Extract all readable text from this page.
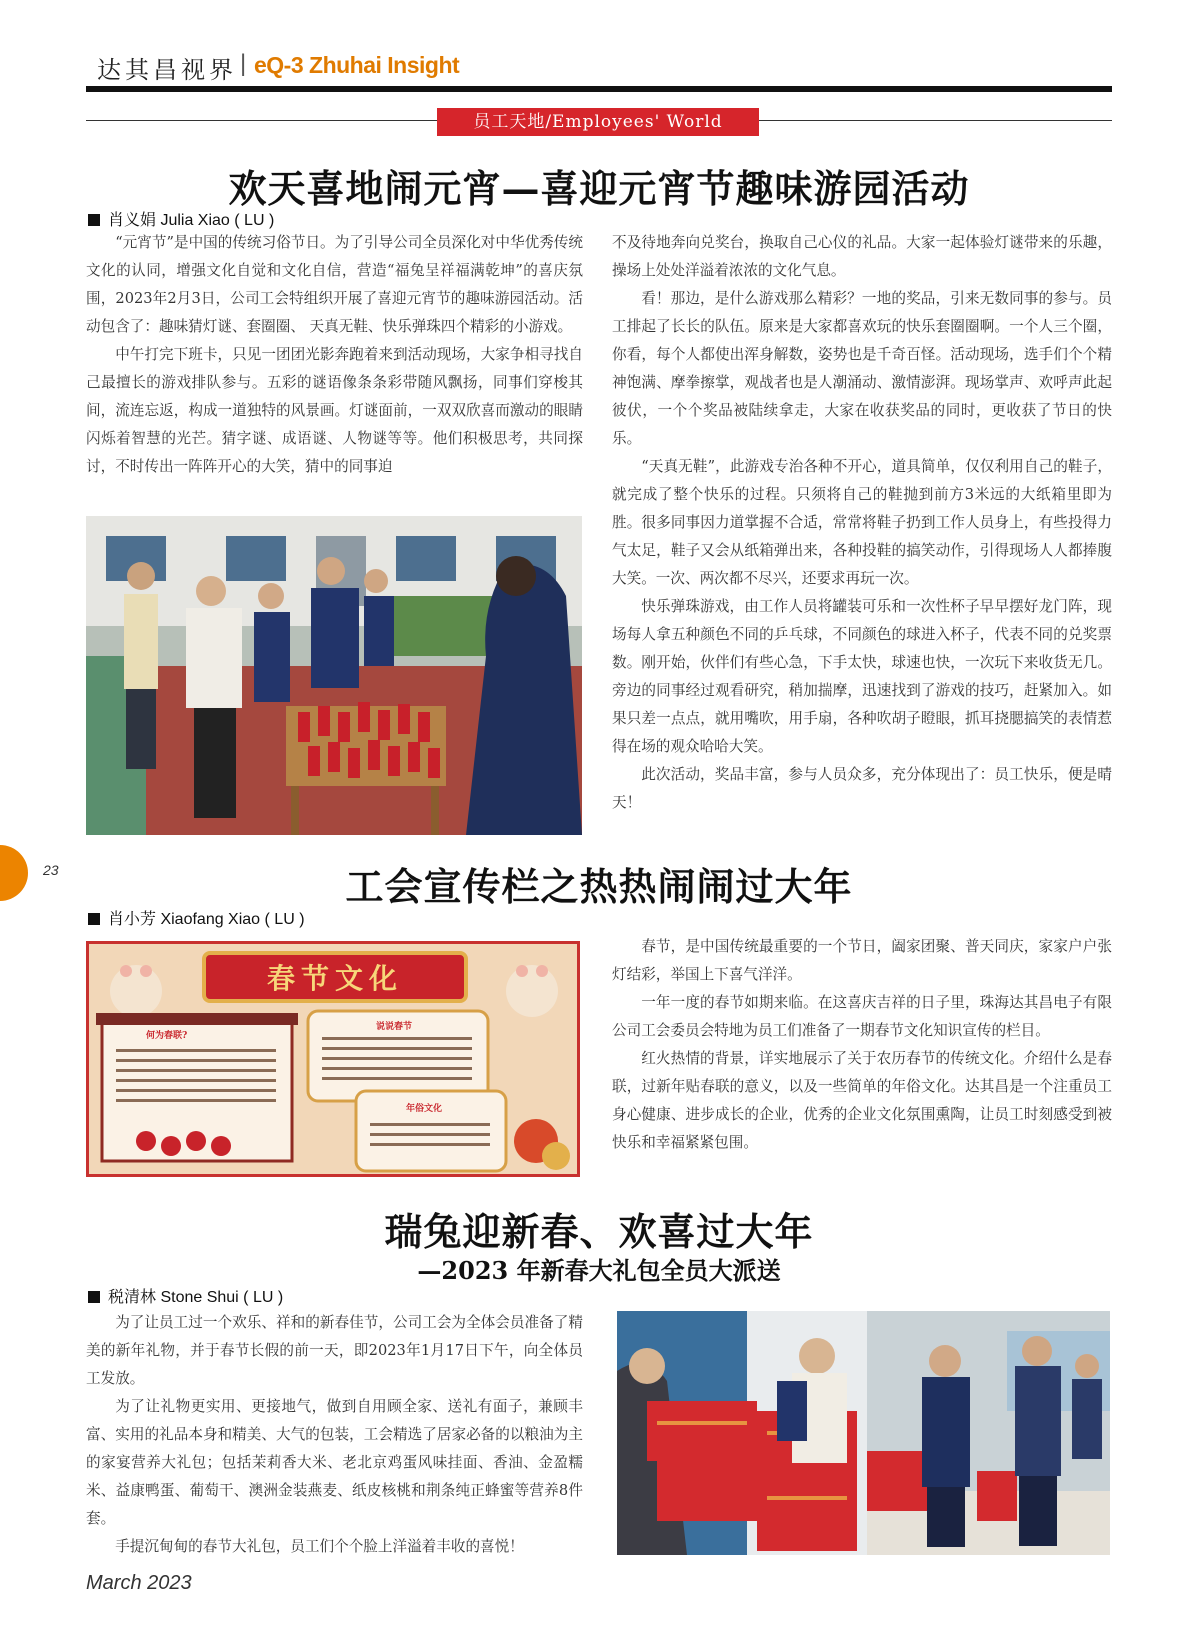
达其昌视界 | eQ-3 Zhuhai Insight
员工天地/Employees' World
欢天喜地闹元宵—喜迎元宵节趣味游园活动
肖义娟 Julia Xiao ( LU )

“元宵节”是中国的传统习俗节日。为了引导公司全员深化对中华优秀传统文化的认同，增强文化自觉和文化自信，营造“福兔呈祥福满乾坤”的喜庆氛围，2023年2月3日，公司工会特组织开展了喜迎元宵节的趣味游园活动。活动包含了：趣味猜灯谜、套圈圈、 天真无鞋、快乐弹珠四个精彩的小游戏。

中午打完下班卡，只见一团团光影奔跑着来到活动现场，大家争相寻找自己最擅长的游戏排队参与。五彩的谜语像条条彩带随风飘扬，同事们穿梭其间，流连忘返，构成一道独特的风景画。灯谜面前，一双双欣喜而激动的眼睛闪烁着智慧的光芒。猜字谜、成语谜、人物谜等等。他们积极思考，共同探讨，不时传出一阵阵开心的大笑，猜中的同事迫

不及待地奔向兑奖台，换取自己心仪的礼品。大家一起体验灯谜带来的乐趣，操场上处处洋溢着浓浓的文化气息。

看！那边，是什么游戏那么精彩？一地的奖品，引来无数同事的参与。员工排起了长长的队伍。原来是大家都喜欢玩的快乐套圈圈啊。一个人三个圈，你看，每个人都使出浑身解数，姿势也是千奇百怪。活动现场，选手们个个精神饱满、摩拳擦掌，观战者也是人潮涌动、激情澎湃。现场掌声、欢呼声此起彼伏，一个个奖品被陆续拿走，大家在收获奖品的同时，更收获了节日的快乐。

“天真无鞋”，此游戏专治各种不开心，道具简单，仅仅利用自己的鞋子，就完成了整个快乐的过程。只须将自己的鞋抛到前方3米远的大纸箱里即为胜。很多同事因力道掌握不合适，常常将鞋子扔到工作人员身上，有些投得力气太足，鞋子又会从纸箱弹出来，各种投鞋的搞笑动作，引得现场人人都捧腹大笑。一次、两次都不尽兴，还要求再玩一次。

快乐弹珠游戏，由工作人员将罐装可乐和一次性杯子早早摆好龙门阵，现场每人拿五种颜色不同的乒乓球，不同颜色的球进入杯子，代表不同的兑奖票数。刚开始，伙伴们有些心急，下手太快，球速也快，一次玩下来收货无几。旁边的同事经过观看研究，稍加揣摩，迅速找到了游戏的技巧，赶紧加入。如果只差一点点，就用嘴吹，用手扇，各种吹胡子瞪眼，抓耳挠腮搞笑的表情惹得在场的观众哈哈大笑。

此次活动，奖品丰富，参与人员众多，充分体现出了：员工快乐，便是晴天！

工会宣传栏之热热闹闹过大年
肖小芳 Xiaofang Xiao ( LU )
春节文化
何为春联?
说说春节
年俗文化

春节，是中国传统最重要的一个节日，阖家团聚、普天同庆，家家户户张灯结彩，举国上下喜气洋洋。

一年一度的春节如期来临。在这喜庆吉祥的日子里，珠海达其昌电子有限公司工会委员会特地为员工们准备了一期春节文化知识宣传的栏目。

红火热情的背景，详实地展示了关于农历春节的传统文化。介绍什么是春联，过新年贴春联的意义，以及一些简单的年俗文化。达其昌是一个注重员工身心健康、进步成长的企业，优秀的企业文化氛围熏陶，让员工时刻感受到被快乐和幸福紧紧包围。

瑞兔迎新春、欢喜过大年
—2023 年新春大礼包全员大派送
税清林 Stone Shui ( LU )

为了让员工过一个欢乐、祥和的新春佳节，公司工会为全体会员准备了精美的新年礼物，并于春节长假的前一天，即2023年1月17日下午，向全体员工发放。

为了让礼物更实用、更接地气，做到自用顾全家、送礼有面子，兼顾丰富、实用的礼品本身和精美、大气的包装，工会精选了居家必备的以粮油为主的家宴营养大礼包；包括茉莉香大米、老北京鸡蛋风味挂面、香油、金盈糯米、益康鸭蛋、葡萄干、澳洲金装燕麦、纸皮核桃和荆条纯正蜂蜜等营养8件套。

手提沉甸甸的春节大礼包，员工们个个脸上洋溢着丰收的喜悦！

23
March 2023
